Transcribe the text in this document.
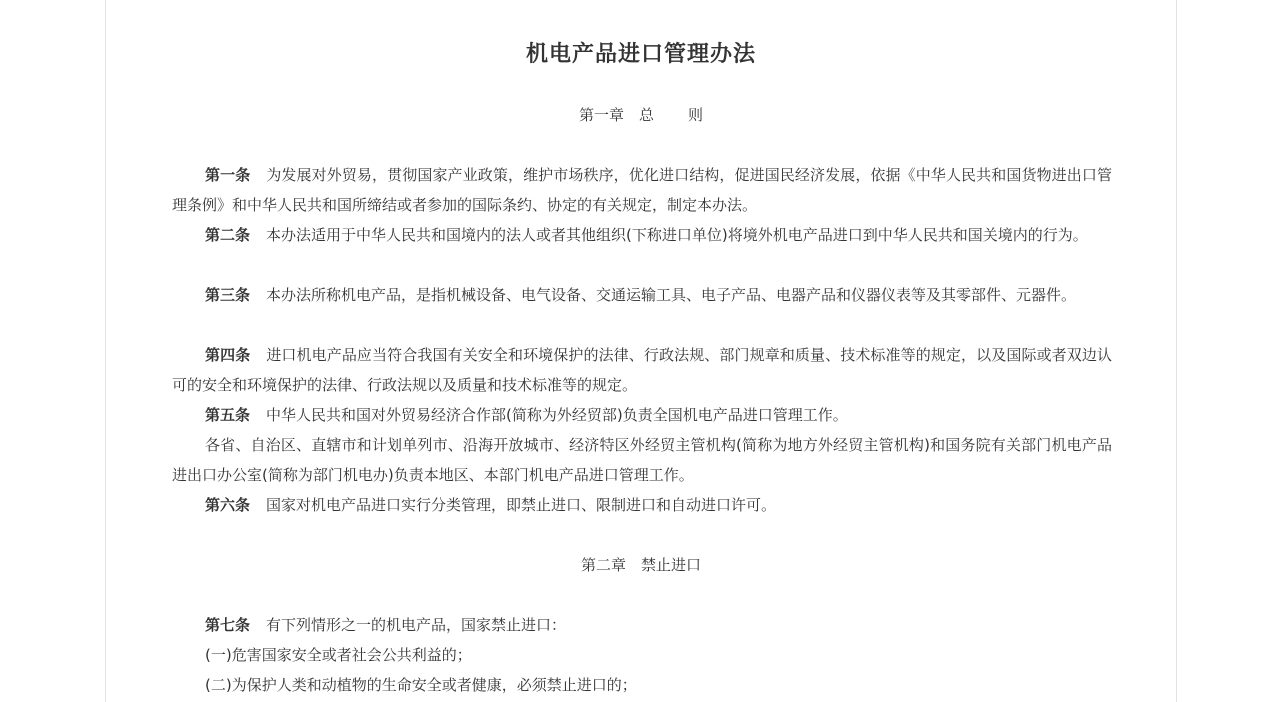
机电产品进口管理办法
第一章 总 则
第一条 为发展对外贸易，贯彻国家产业政策，维护市场秩序，优化进口结构，促进国民经济发展，依据《中华人民共和国货物进出口管理条例》和中华人民共和国所缔结或者参加的国际条约、协定的有关规定，制定本办法。
第二条 本办法适用于中华人民共和国境内的法人或者其他组织(下称进口单位)将境外机电产品进口到中华人民共和国关境内的行为。
第三条 本办法所称机电产品，是指机械设备、电气设备、交通运输工具、电子产品、电器产品和仪器仪表等及其零部件、元器件。
第四条 进口机电产品应当符合我国有关安全和环境保护的法律、行政法规、部门规章和质量、技术标准等的规定，以及国际或者双边认可的安全和环境保护的法律、行政法规以及质量和技术标准等的规定。
第五条 中华人民共和国对外贸易经济合作部(简称为外经贸部)负责全国机电产品进口管理工作。
各省、自治区、直辖市和计划单列市、沿海开放城市、经济特区外经贸主管机构(简称为地方外经贸主管机构)和国务院有关部门机电产品进出口办公室(简称为部门机电办)负责本地区、本部门机电产品进口管理工作。
第六条 国家对机电产品进口实行分类管理，即禁止进口、限制进口和自动进口许可。
第二章 禁止进口
第七条 有下列情形之一的机电产品，国家禁止进口：
(一)危害国家安全或者社会公共利益的；
(二)为保护人类和动植物的生命安全或者健康，必须禁止进口的；
